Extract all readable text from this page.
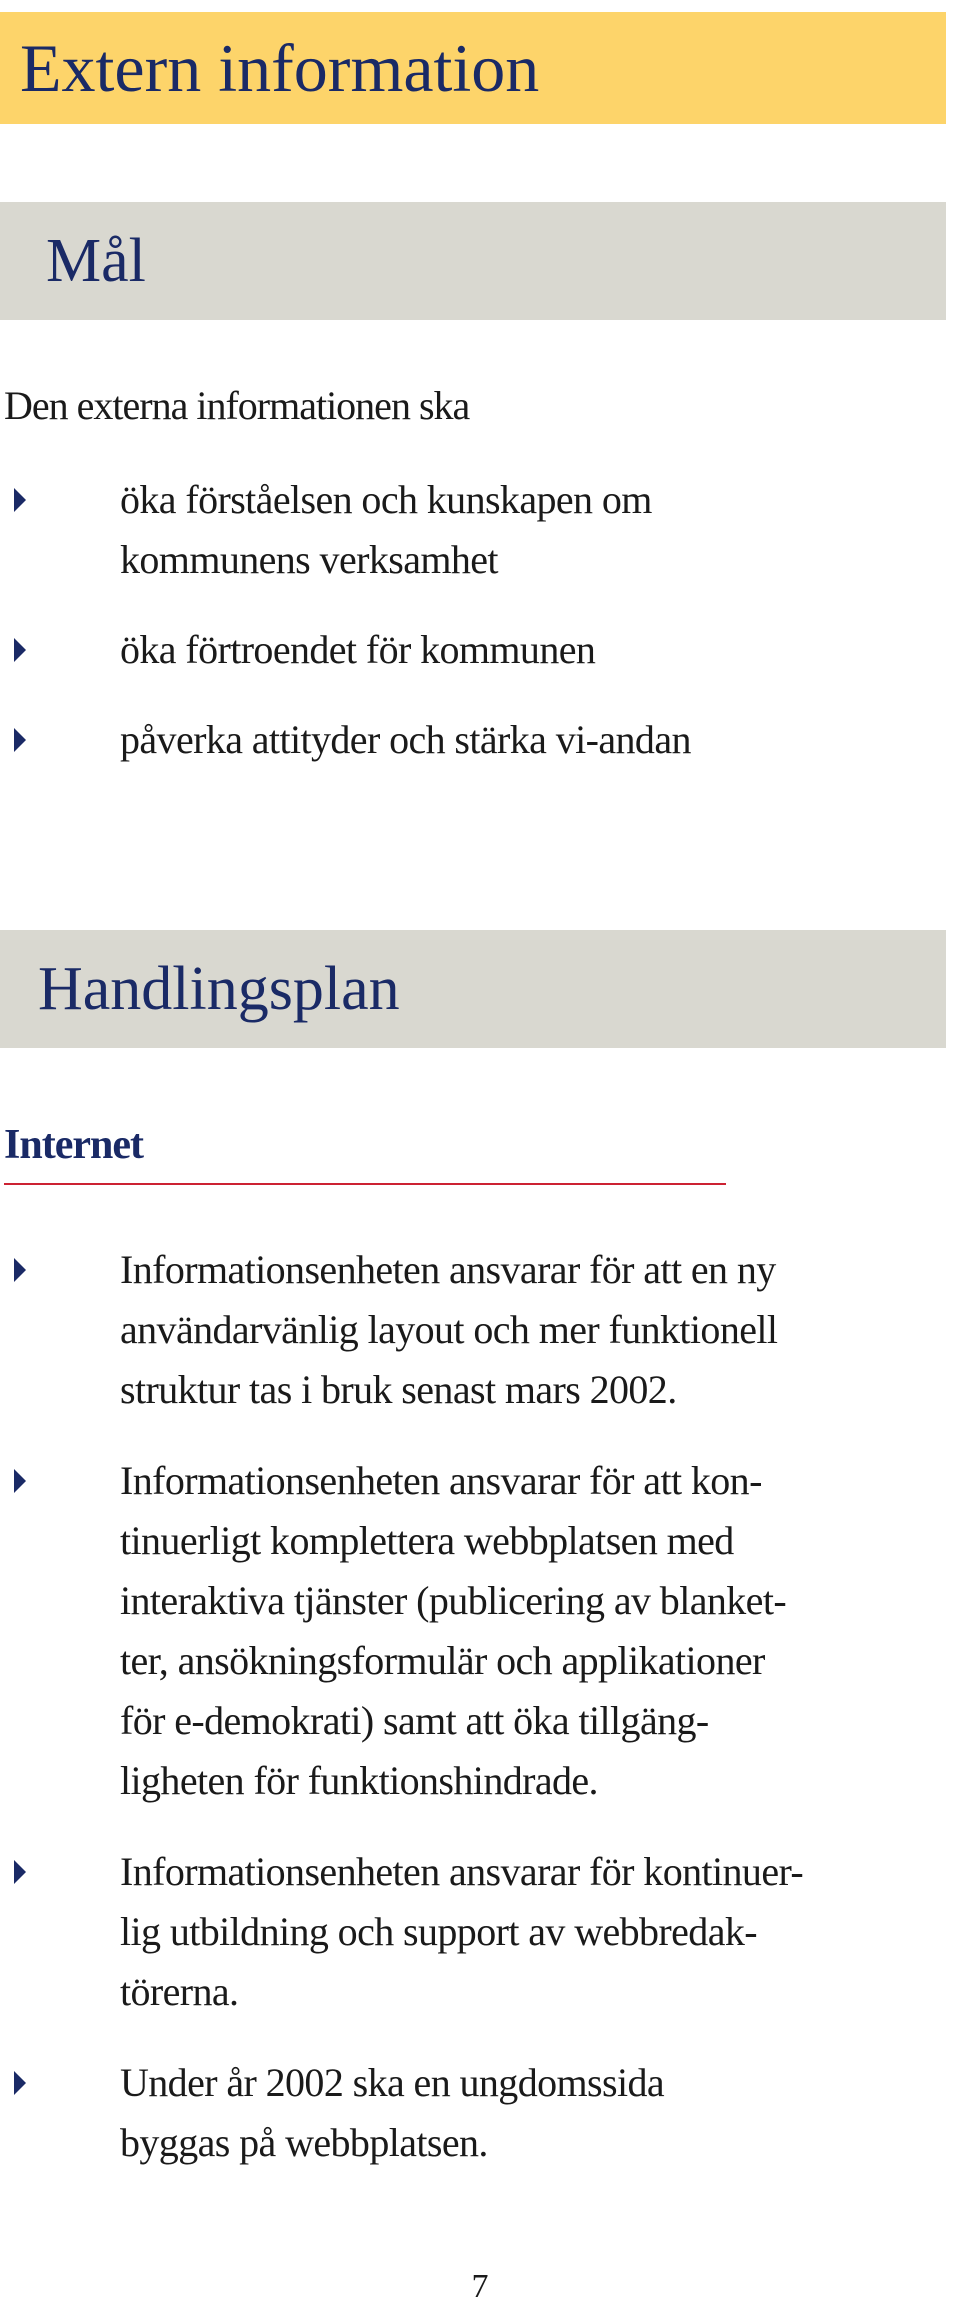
Extern information
Mål

Den externa informationen ska

öka förståelsen och kunskapen om
kommunens verksamhet
öka förtroendet för kommunen
påverka attityder och stärka vi-andan
Handlingsplan
Internet
Informationsenheten ansvarar för att en ny
användarvänlig layout och mer funktionell
struktur tas i bruk senast mars 2002.
Informationsenheten ansvarar för att kon-
tinuerligt komplettera webbplatsen med
interaktiva tjänster (publicering av blanket-
ter, ansökningsformulär och applikationer
för e-demokrati) samt att öka tillgäng-
ligheten för funktionshindrade.
Informationsenheten ansvarar för kontinuer-
lig utbildning och support av webbredak-
törerna.
Under år 2002 ska en ungdomssida
byggas på webbplatsen.
7
